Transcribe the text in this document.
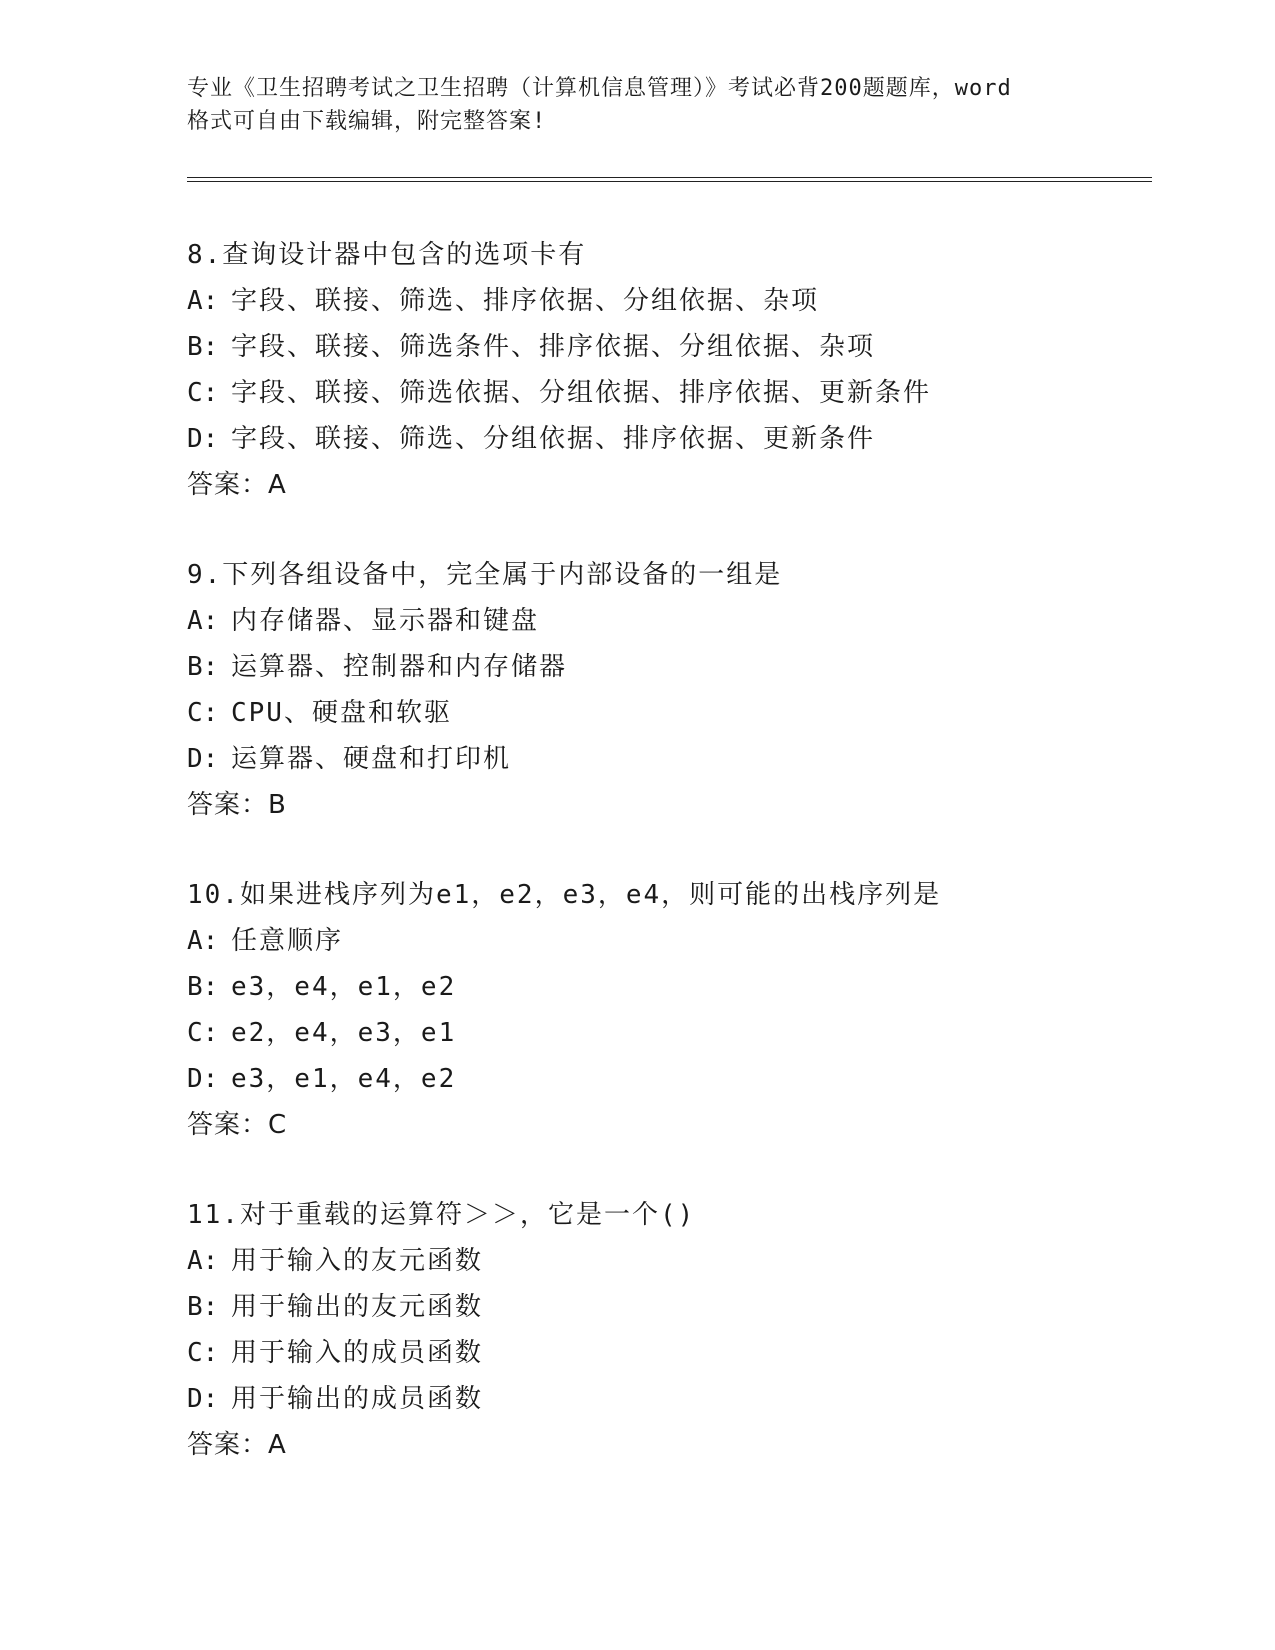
专业《卫生招聘考试之卫生招聘（计算机信息管理）》考试必背200题题库，word
格式可自由下载编辑，附完整答案!
8.查询设计器中包含的选项卡有
A: 字段、联接、筛选、排序依据、分组依据、杂项
B: 字段、联接、筛选条件、排序依据、分组依据、杂项
C: 字段、联接、筛选依据、分组依据、排序依据、更新条件
D: 字段、联接、筛选、分组依据、排序依据、更新条件
答案：A
9.下列各组设备中，完全属于内部设备的一组是
A: 内存储器、显示器和键盘
B: 运算器、控制器和内存储器
C: CPU、硬盘和软驱
D: 运算器、硬盘和打印机
答案：B
10.如果进栈序列为e1，e2，e3，e4，则可能的出栈序列是
A: 任意顺序
B: e3，e4，e1，e2
C: e2，e4，e3，e1
D: e3，e1，e4，e2
答案：C
11.对于重载的运算符＞＞，它是一个()
A: 用于输入的友元函数
B: 用于输出的友元函数
C: 用于输入的成员函数
D: 用于输出的成员函数
答案：A
